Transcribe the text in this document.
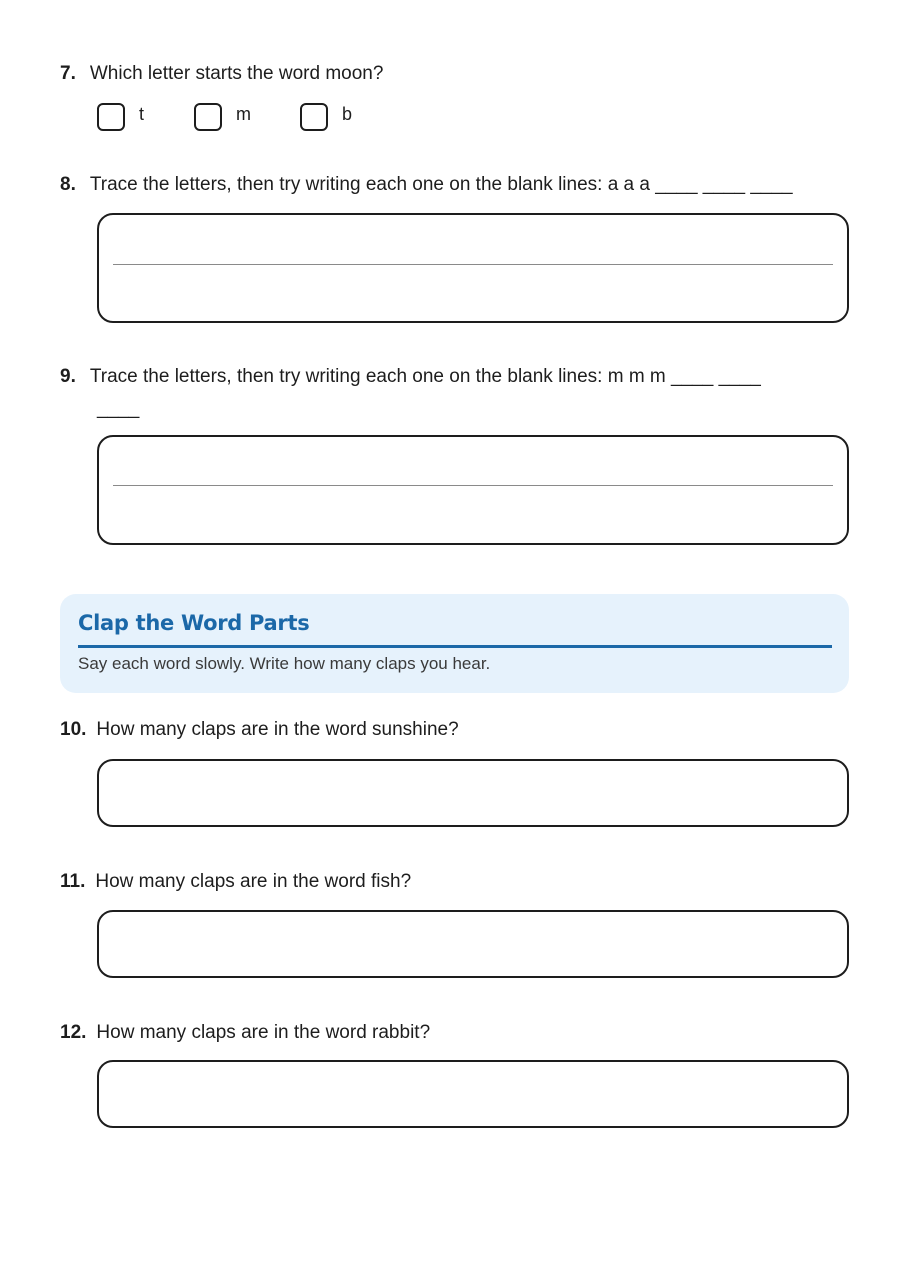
7. Which letter starts the word moon?
t	m	b
8. Trace the letters, then try writing each one on the blank lines: a a a ____ ____ ____
9. Trace the letters, then try writing each one on the blank lines: m m m ____ ____
____
Clap the Word Parts
Say each word slowly. Write how many claps you hear.
10. How many claps are in the word sunshine?
11. How many claps are in the word fish?
12. How many claps are in the word rabbit?
